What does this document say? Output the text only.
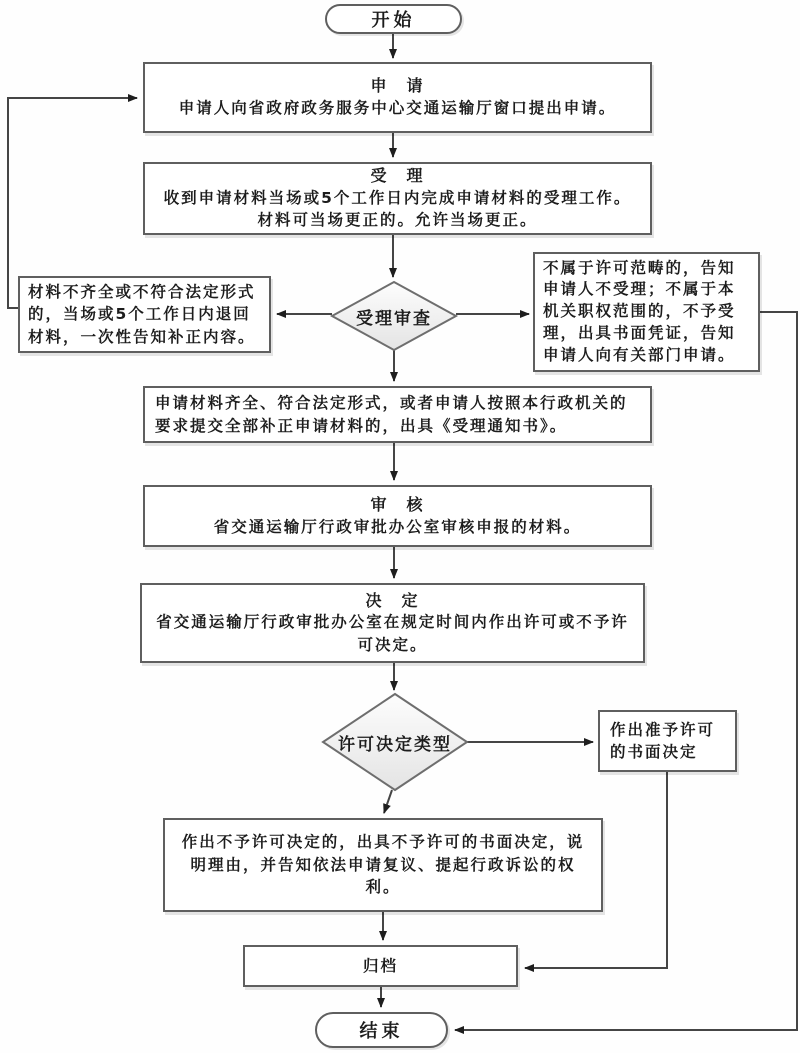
开始
申　请
申请人向省政府政务服务中心交通运输厅窗口提出申请。
受　理
收到申请材料当场或5个工作日内完成申请材料的受理工作。材料可当场更正的。允许当场更正。
受理审查
材料不齐全或不符合法定形式的，当场或5个工作日内退回材料，一次性告知补正内容。
不属于许可范畴的，告知申请人不受理；不属于本机关职权范围的，不予受理，出具书面凭证，告知申请人向有关部门申请。
申请材料齐全、符合法定形式，或者申请人按照本行政机关的要求提交全部补正申请材料的，出具《受理通知书》。
审　核
省交通运输厅行政审批办公室审核申报的材料。
决　定
省交通运输厅行政审批办公室在规定时间内作出许可或不予许可决定。
许可决定类型
作出准予许可的书面决定
作出不予许可决定的，出具不予许可的书面决定，说明理由，并告知依法申请复议、提起行政诉讼的权利。
归档
结束
